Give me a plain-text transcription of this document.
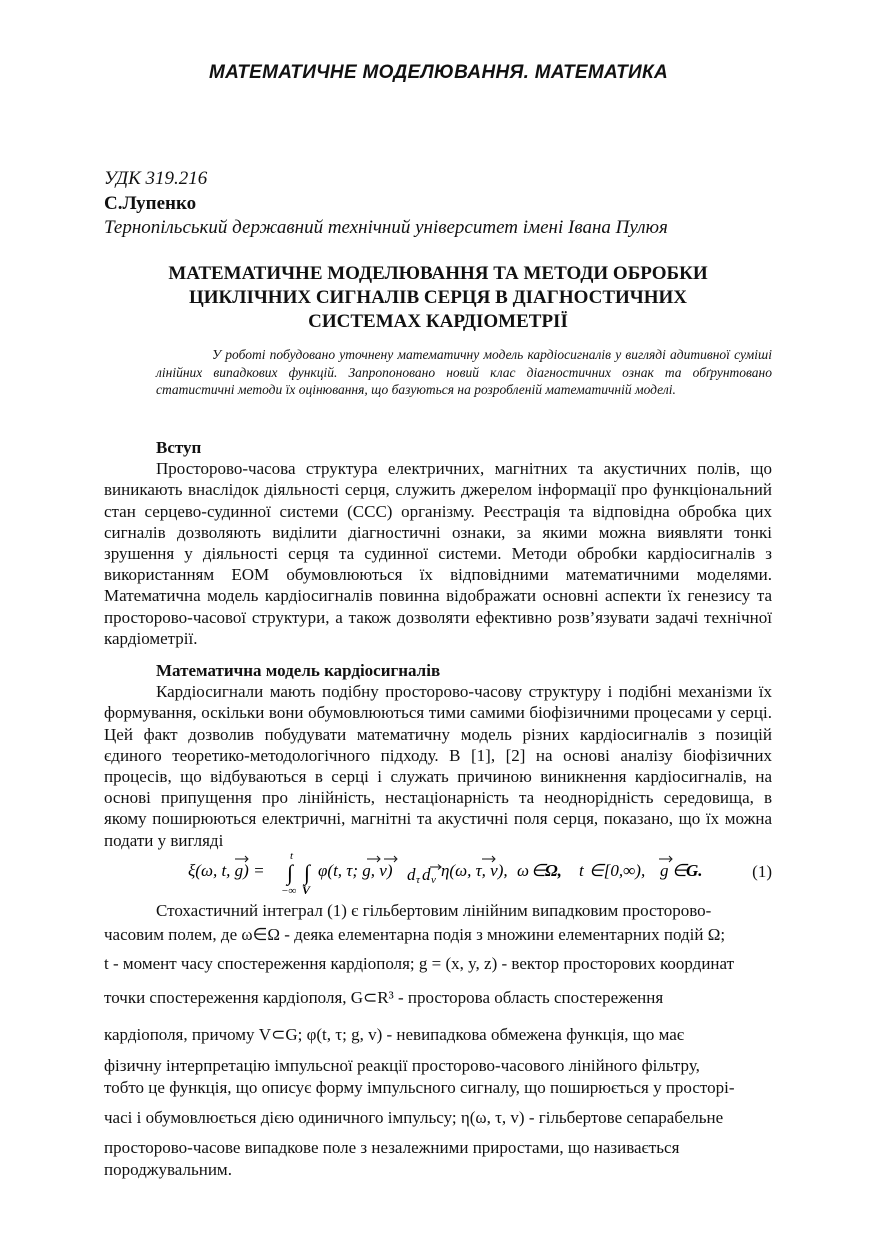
МАТЕМАТИЧНЕ МОДЕЛЮВАННЯ. МАТЕМАТИКА
УДК 319.216
С.Лупенко
Тернопільський державний технічний університет імені Івана Пулюя
МАТЕМАТИЧНЕ МОДЕЛЮВАННЯ ТА МЕТОДИ ОБРОБКИ
ЦИКЛІЧНИХ СИГНАЛІВ СЕРЦЯ В ДІАГНОСТИЧНИХ
СИСТЕМАХ КАРДІОМЕТРІЇ

У роботі побудовано уточнену математичну модель кардіосигналів у вигляді адитивної суміші лінійних випадкових функцій. Запропоновано новий клас діагностичних ознак та обґрунтовано статистичні методи їх оцінювання, що базуються на розробленій математичній моделі.

Вступ

Просторово-часова структура електричних, магнітних та акустичних полів, що виникають внаслідок діяльності серця, служить джерелом інформації про функціональний стан серцево-судинної системи (ССС) організму. Реєстрація та відповідна обробка цих сигналів дозволяють виділити діагностичні ознаки, за якими можна виявляти тонкі зрушення у діяльності серця та судинної системи. Методи обробки кардіосигналів з використанням ЕОМ обумовлюються їх відповідними математичними моделями. Математична модель кардіосигналів повинна відображати основні аспекти їх генезису та просторово-часової структури, а також дозволяти ефективно розв’язувати задачі технічної кардіометрії.

Математична модель кардіосигналів

Кардіосигнали мають подібну просторово-часову структуру і подібні механізми їх формування, оскільки вони обумовлюються тими самими біофізичними процесами у серці. Цей факт дозволив побудувати математичну модель різних кардіосигналів з позицій єдиного теоретико-методологічного підходу. В [1], [2] на основі аналізу біофізичних процесів, що відбуваються в серці і служать причиною виникнення кардіосигналів, на основі припущення про лінійність, нестаціонарність та неоднорідність середовища, в якому поширюються електричні, магнітні та акустичні поля серця, показано, що їх можна подати у вигляді

ξ(ω, t, g) = ∫
t
−∞
∫
V
φ(t, τ; g, v) d τ d v η(ω, τ, v), ω ∈ Ω, t ∈[0,∞), g ∈ G.	(1)
Стохастичний інтеграл (1) є гільбертовим лінійним випадковим просторово-
часовим полем, де ω∈Ω - деяка елементарна подія з множини елементарних подій Ω;
t - момент часу спостереження кардіополя; g = (x, y, z) - вектор просторових координат
точки спостереження кардіополя, G⊂R³ - просторова область спостереження
кардіополя, причому V⊂G; φ(t, τ; g, v) - невипадкова обмежена функція, що має
фізичну інтерпретацію імпульсної реакції просторово-часового лінійного фільтру,
тобто це функція, що описує форму імпульсного сигналу, що поширюється у просторі-
часі і обумовлюється дією одиничного імпульсу; η(ω, τ, v) - гільбертове сепарабельне
просторово-часове випадкове поле з незалежними приростами, що називається
породжувальним.
